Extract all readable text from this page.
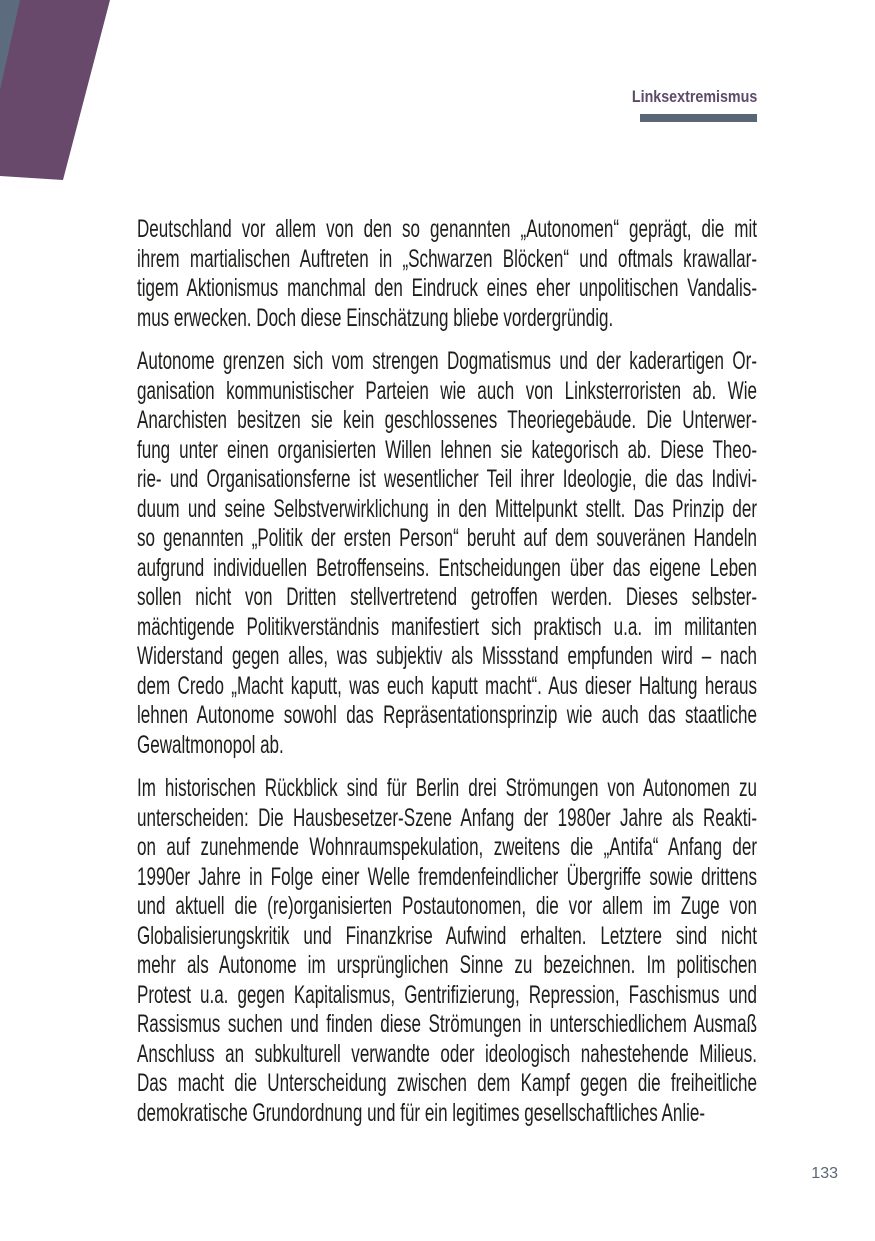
Linksextremismus
Deutschland vor allem von den so genannten „Autonomen“ geprägt, die mit
ihrem martialischen Auftreten in „Schwarzen Blöcken“ und oftmals krawallar-
tigem Aktionismus manchmal den Eindruck eines eher unpolitischen Vandalis-
mus erwecken. Doch diese Einschätzung bliebe vordergründig.
Autonome grenzen sich vom strengen Dogmatismus und der kaderartigen Or-
ganisation kommunistischer Parteien wie auch von Linksterroristen ab. Wie
Anarchisten besitzen sie kein geschlossenes Theoriegebäude. Die Unterwer-
fung unter einen organisierten Willen lehnen sie kategorisch ab. Diese Theo-
rie- und Organisationsferne ist wesentlicher Teil ihrer Ideologie, die das Indivi-
duum und seine Selbstverwirklichung in den Mittelpunkt stellt. Das Prinzip der
so genannten „Politik der ersten Person“ beruht auf dem souveränen Handeln
aufgrund individuellen Betroffenseins. Entscheidungen über das eigene Leben
sollen nicht von Dritten stellvertretend getroffen werden. Dieses selbster-
mächtigende Politikverständnis manifestiert sich praktisch u.a. im militanten
Widerstand gegen alles, was subjektiv als Missstand empfunden wird – nach
dem Credo „Macht kaputt, was euch kaputt macht“. Aus dieser Haltung heraus
lehnen Autonome sowohl das Repräsentationsprinzip wie auch das staatliche
Gewaltmonopol ab.
Im historischen Rückblick sind für Berlin drei Strömungen von Autonomen zu
unterscheiden: Die Hausbesetzer-Szene Anfang der 1980er Jahre als Reakti-
on auf zunehmende Wohnraumspekulation, zweitens die „Antifa“ Anfang der
1990er Jahre in Folge einer Welle fremdenfeindlicher Übergriffe sowie drittens
und aktuell die (re)organisierten Postautonomen, die vor allem im Zuge von
Globalisierungskritik und Finanzkrise Aufwind erhalten. Letztere sind nicht
mehr als Autonome im ursprünglichen Sinne zu bezeichnen. Im politischen
Protest u.a. gegen Kapitalismus, Gentrifizierung, Repression, Faschismus und
Rassismus suchen und finden diese Strömungen in unterschiedlichem Ausmaß
Anschluss an subkulturell verwandte oder ideologisch nahestehende Milieus.
Das macht die Unterscheidung zwischen dem Kampf gegen die freiheitliche
demokratische Grundordnung und für ein legitimes gesellschaftliches Anlie-
133
